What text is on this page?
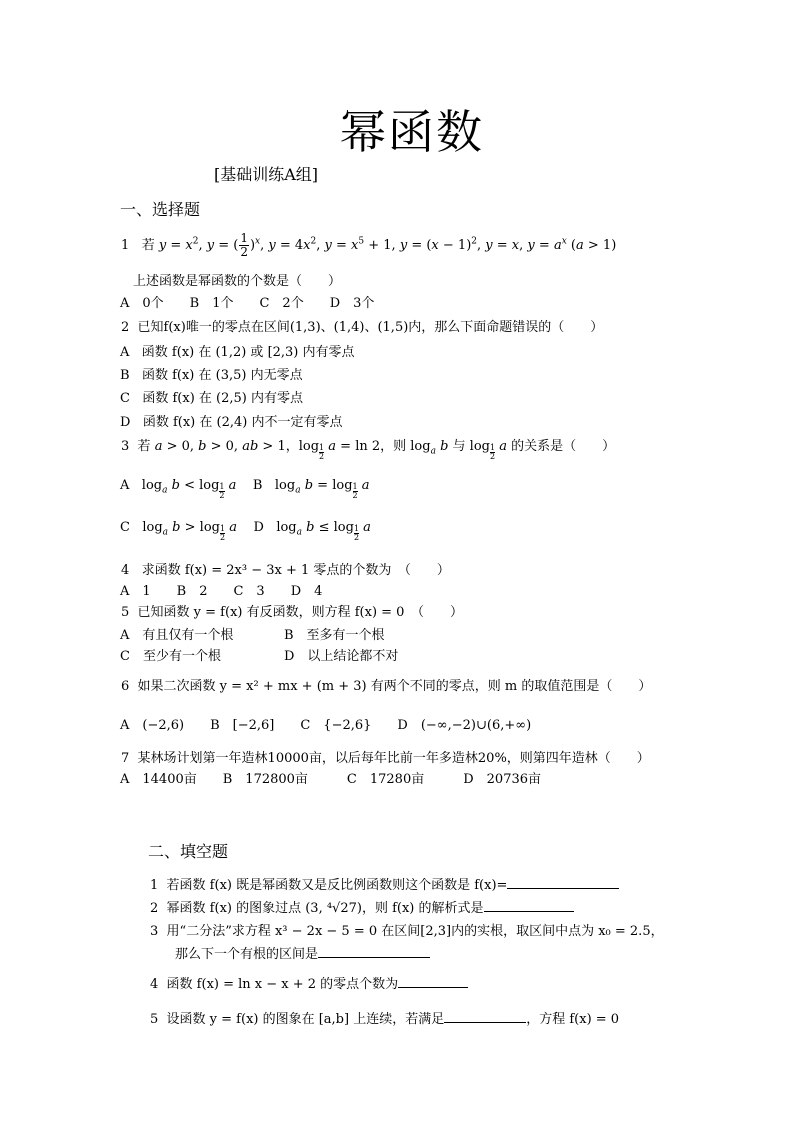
幂函数
[基础训练A组]
一、选择题
1 若 $y = x^2$, y = ( $\frac{1}{2} )^x$, $y = 4x^2$, $y = x^5 + 1$, $y = (x - 1)^2$, y = x, $y = a^x$ (a > 1)
上述函数是幂函数的个数是（　　）
A　0个　　B　1个　　C　2个　　D　3个
2 已知f(x)唯一的零点在区间(1,3)、(1,4)、(1,5)内，那么下面命题错误的（　　）
A   函数 f(x) 在 (1,2) 或 [2,3) 内有零点
B   函数 f(x) 在 (3,5) 内无零点
C   函数 f(x) 在 (2,5) 内有零点
D   函数 f(x) 在 (2,4) 内不一定有零点
3 若 a > 0, b > 0, ab > 1，$\log \frac{1}{2}$ a = ln 2，则 $\log_a b$ 与 $\log \frac{1}{2}$ a 的关系是（　　）
A   $\log_a b < \log \frac{1}{2}$ a    B   $\log_a b = \log \frac{1}{2}$ a
C   $\log_a b > \log \frac{1}{2}$ a    D   $\log_a b \le \log \frac{1}{2}$ a
4 求函数 f(x) = 2x³ − 3x + 1 零点的个数为　（　　）
A　1　　B　2　　C　3　　D　4
5 已知函数 y = f(x) 有反函数，则方程 f(x) = 0　（　　）
A　有且仅有一个根	B　至多有一个根
C　至少有一个根	D　以上结论都不对
6 如果二次函数 y = x² + mx + (m + 3) 有两个不同的零点，则 m 的取值范围是（　　）
A　(−2,6)　　B　[−2,6]　　C　{−2,6}　　D　(−∞,−2)∪(6,+∞)
7 某林场计划第一年造林10000亩，以后每年比前一年多造林20%，则第四年造林（　　）
A　14400亩　　B　172800亩　　　C　17280亩　　　D　20736亩
二、填空题
1 若函数 f(x) 既是幂函数又是反比例函数则这个函数是 f(x)=
2 幂函数 f(x) 的图象过点 (3, ⁴√27)，则 f(x) 的解析式是
3 用“二分法”求方程 x³ − 2x − 5 = 0 在区间[2,3]内的实根，取区间中点为 x₀ = 2.5，
那么下一个有根的区间是
4 函数 f(x) = ln x − x + 2 的零点个数为
5 设函数 y = f(x) 的图象在 [a,b] 上连续，若满足	，方程 f(x) = 0
